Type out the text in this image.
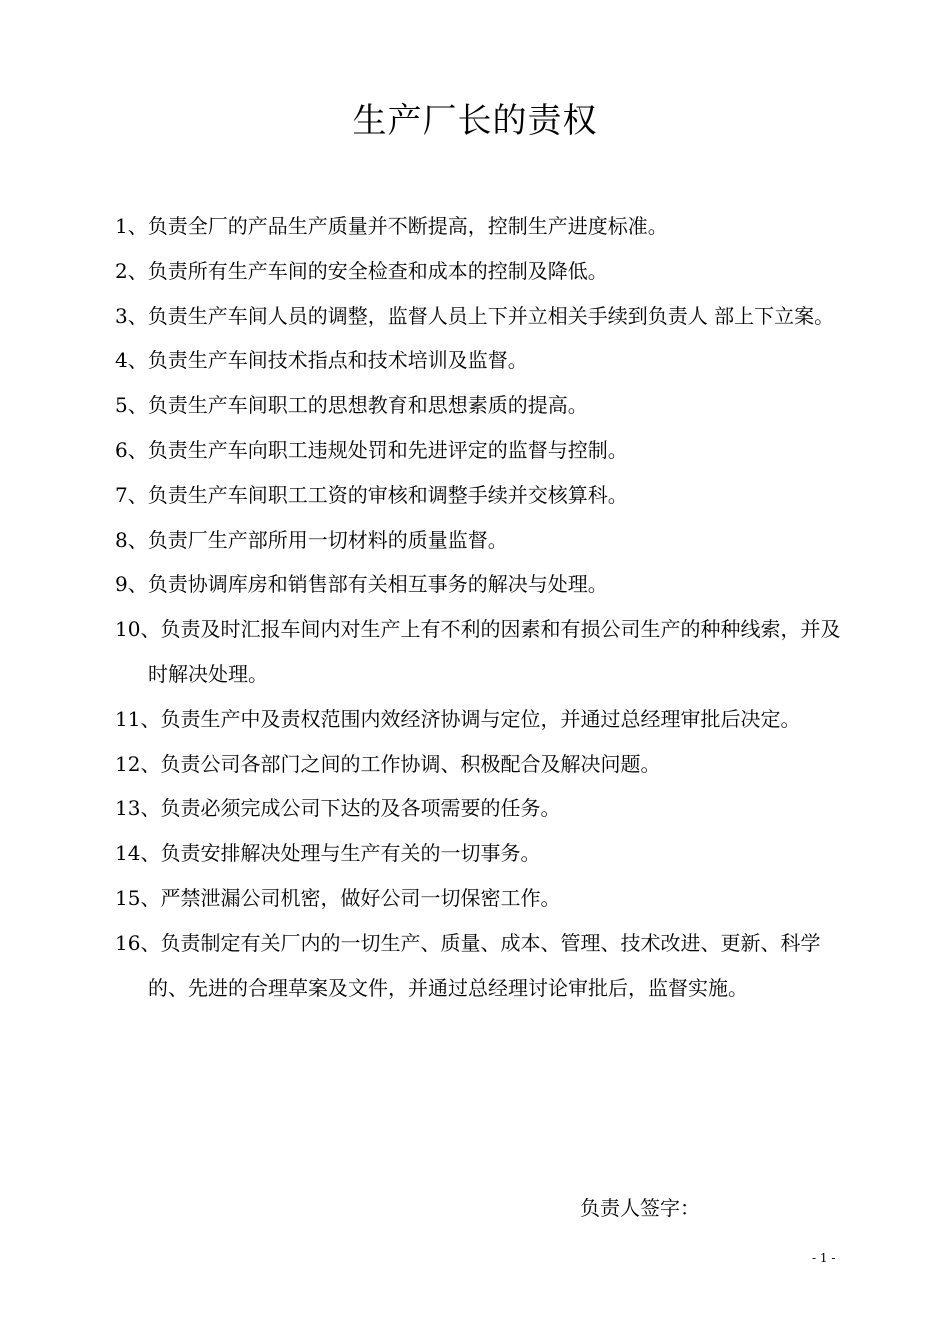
生产厂长的责权
1、 负责全厂的产品生产质量并不断提高，控制生产进度标准。
2、 负责所有生产车间的安全检查和成本的控制及降低。
3、负责生产车间人员的调整，监督人员上下并立相关手续到负责人 部上下立案。
4、 负责生产车间技术指点和技术培训及监督。
5、 负责生产车间职工的思想教育和思想素质的提高。
6、 负责生产车向职工违规处罚和先进评定的监督与控制。
7、 负责生产车间职工工资的审核和调整手续并交核算科。
8、 负责厂生产部所用一切材料的质量监督。
9、 负责协调库房和销售部有关相互事务的解决与处理。
10、负责及时汇报车间内对生产上有不利的因素和有损公司生产的种种线索，并及时解决处理。
11、负责生产中及责权范围内效经济协调与定位，并通过总经理审批后决定。
12、 负责公司各部门之间的工作协调、积极配合及解决问题。
13、 负责必须完成公司下达的及各项需要的任务。
14、 负责安排解决处理与生产有关的一切事务。
15、 严禁泄漏公司机密，做好公司一切保密工作。
16、负责制定有关厂内的一切生产、质量、成本、管理、技术改进、更新、科学的、先进的合理草案及文件，并通过总经理讨论审批后，监督实施。

负责人签字：

- 1 -
